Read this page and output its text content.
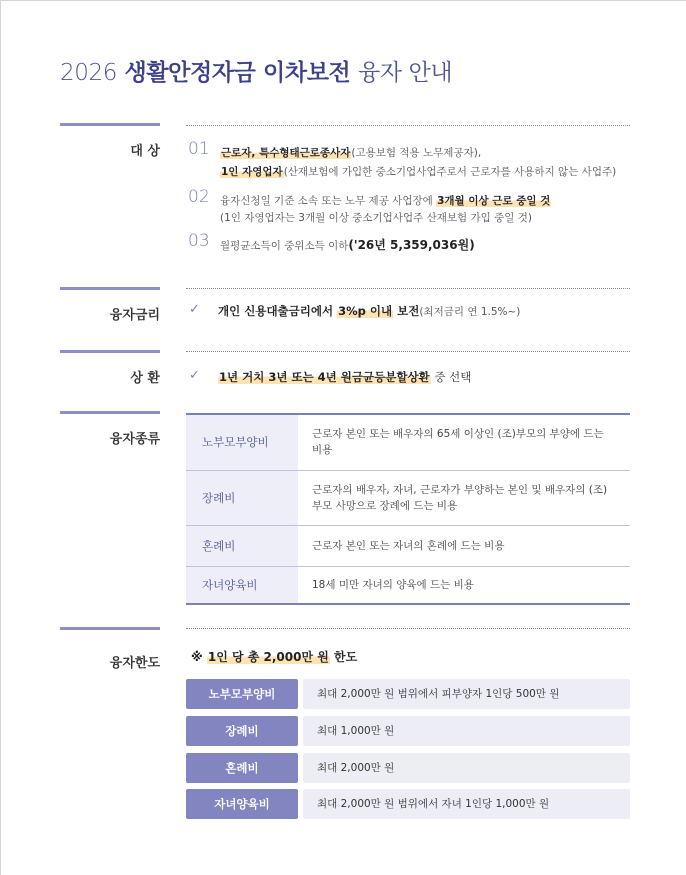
2026 생활안정자금 이차보전 융자 안내
대 상 01 근로자, 특수형태근로종사자(고용보험 적용 노무제공자),
1인 자영업자(산재보험에 가입한 중소기업사업주로서 근로자를 사용하지 않는 사업주)
02 융자신청일 기준 소속 또는 노무 제공 사업장에 3개월 이상 근로 중일 것
(1인 자영업자는 3개월 이상 중소기업사업주 산재보험 가입 중일 것)
03 월평균소득이 중위소득 이하('26년 5,359,036원)
융자금리 ✓ 개인 신용대출금리에서 3%p 이내 보전(최저금리 연 1.5%~)
상 환 ✓ 1년 거치 3년 또는 4년 원금균등분할상환 중 선택
융자종류	노부모부양비	근로자 본인 또는 배우자의 65세 이상인 (조)부모의 부양에 드는 비용
장례비	근로자의 배우자, 자녀, 근로자가 부양하는 본인 및 배우자의 (조)부모 사망으로 장례에 드는 비용
혼례비	근로자 본인 또는 자녀의 혼례에 드는 비용
자녀양육비	18세 미만 자녀의 양육에 드는 비용
융자한도	※ 1인 당 총 2,000만 원 한도
노부모부양비	최대 2,000만 원 범위에서 피부양자 1인당 500만 원
장례비	최대 1,000만 원
혼례비	최대 2,000만 원
자녀양육비	최대 2,000만 원 범위에서 자녀 1인당 1,000만 원
